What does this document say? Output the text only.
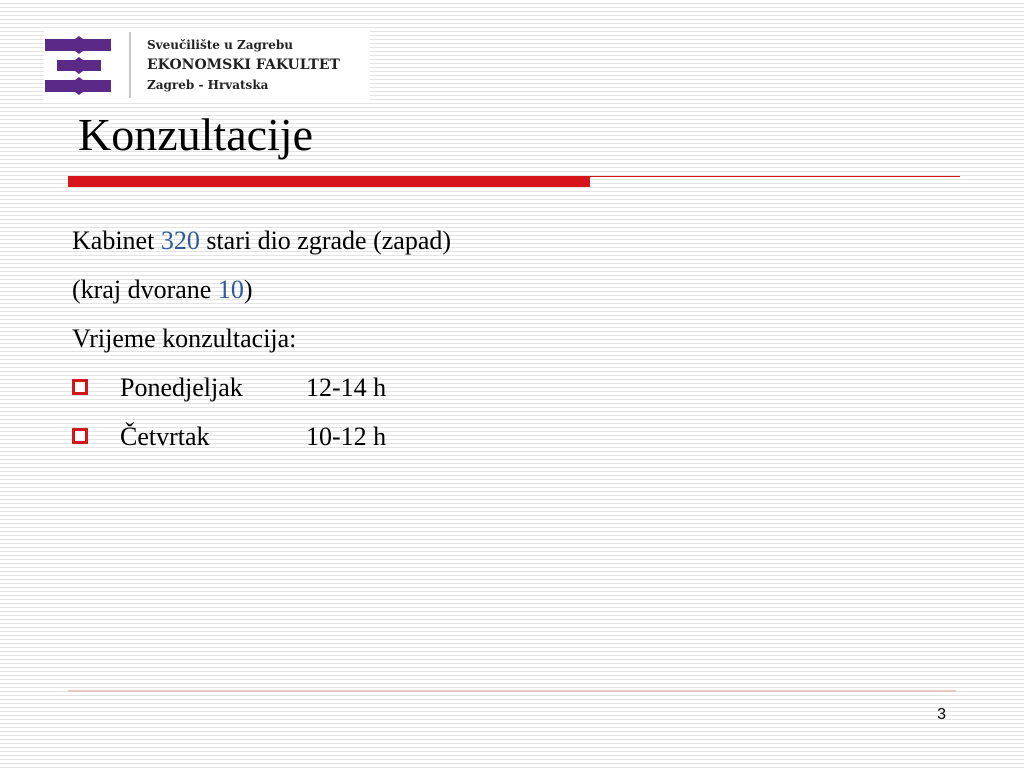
Sveučilište u Zagrebu
EKONOMSKI FAKULTET
Zagreb - Hrvatska
Konzultacije
Kabinet 320 stari dio zgrade (zapad)
(kraj dvorane 10)
Vrijeme konzultacija:
Ponedjeljak 12-14 h
Četvrtak	10-12 h
3
